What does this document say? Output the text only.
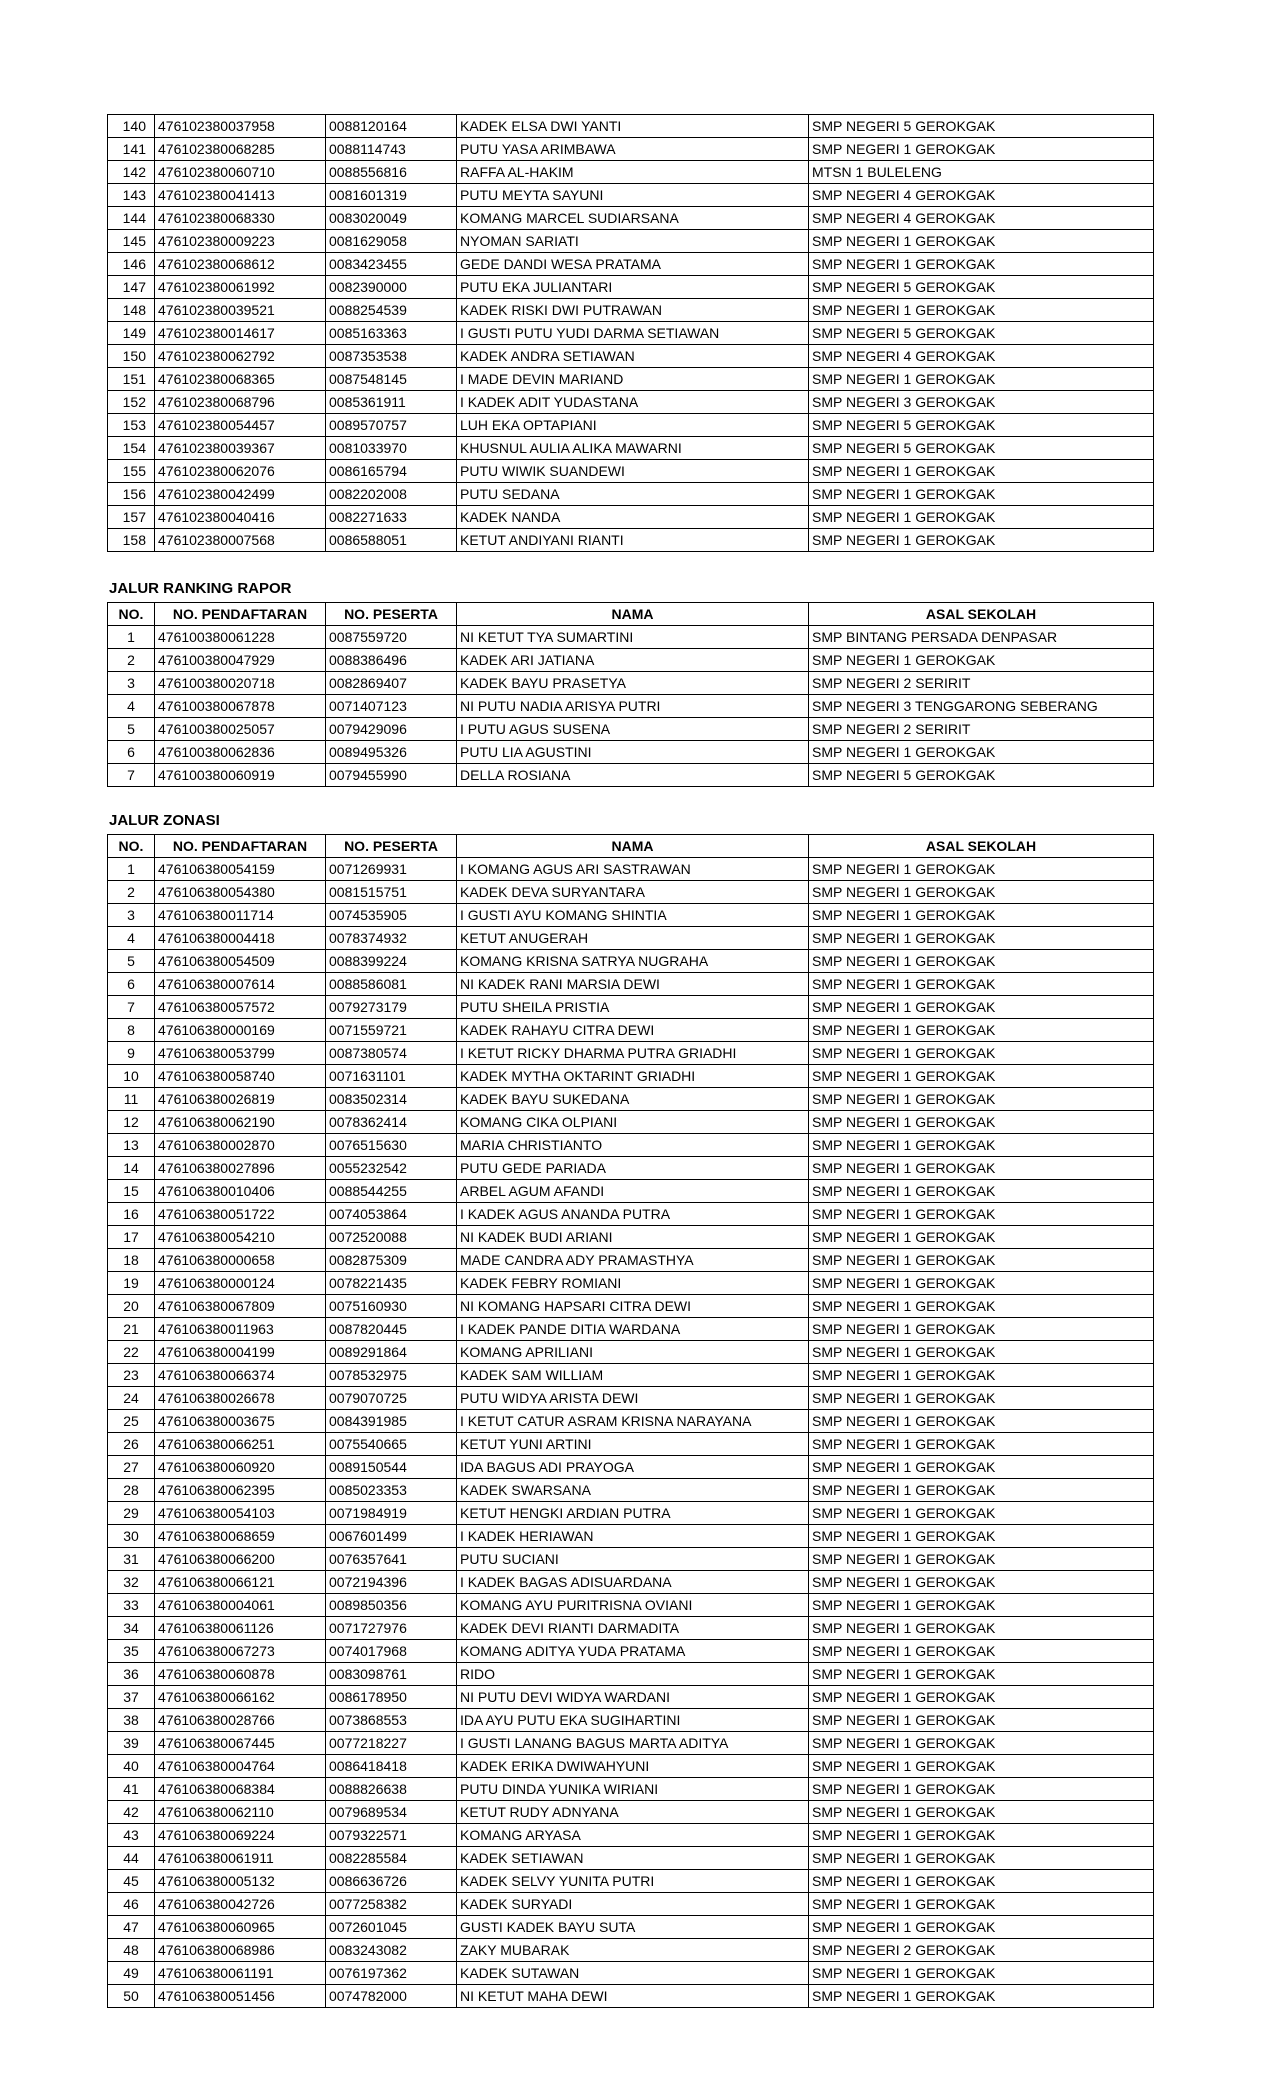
140	476102380037958	0088120164	KADEK ELSA DWI YANTI	SMP NEGERI 5 GEROKGAK
141	476102380068285	0088114743	PUTU YASA ARIMBAWA	SMP NEGERI 1 GEROKGAK
142	476102380060710	0088556816	RAFFA AL-HAKIM	MTSN 1 BULELENG
143	476102380041413	0081601319	PUTU MEYTA SAYUNI	SMP NEGERI 4 GEROKGAK
144	476102380068330	0083020049	KOMANG MARCEL SUDIARSANA	SMP NEGERI 4 GEROKGAK
145	476102380009223	0081629058	NYOMAN SARIATI	SMP NEGERI 1 GEROKGAK
146	476102380068612	0083423455	GEDE DANDI WESA PRATAMA	SMP NEGERI 1 GEROKGAK
147	476102380061992	0082390000	PUTU EKA JULIANTARI	SMP NEGERI 5 GEROKGAK
148	476102380039521	0088254539	KADEK RISKI DWI PUTRAWAN	SMP NEGERI 1 GEROKGAK
149	476102380014617	0085163363	I GUSTI PUTU YUDI DARMA SETIAWAN	SMP NEGERI 5 GEROKGAK
150	476102380062792	0087353538	KADEK ANDRA SETIAWAN	SMP NEGERI 4 GEROKGAK
151	476102380068365	0087548145	I MADE DEVIN MARIAND	SMP NEGERI 1 GEROKGAK
152	476102380068796	0085361911	I KADEK ADIT YUDASTANA	SMP NEGERI 3 GEROKGAK
153	476102380054457	0089570757	LUH EKA OPTAPIANI	SMP NEGERI 5 GEROKGAK
154	476102380039367	0081033970	KHUSNUL AULIA ALIKA MAWARNI	SMP NEGERI 5 GEROKGAK
155	476102380062076	0086165794	PUTU WIWIK SUANDEWI	SMP NEGERI 1 GEROKGAK
156	476102380042499	0082202008	PUTU SEDANA	SMP NEGERI 1 GEROKGAK
157	476102380040416	0082271633	KADEK NANDA	SMP NEGERI 1 GEROKGAK
158	476102380007568	0086588051	KETUT ANDIYANI RIANTI	SMP NEGERI 1 GEROKGAK
JALUR RANKING RAPOR
NO.	NO. PENDAFTARAN	NO. PESERTA	NAMA	ASAL SEKOLAH
1	476100380061228	0087559720	NI KETUT TYA SUMARTINI	SMP BINTANG PERSADA DENPASAR
2	476100380047929	0088386496	KADEK ARI JATIANA	SMP NEGERI 1 GEROKGAK
3	476100380020718	0082869407	KADEK BAYU PRASETYA	SMP NEGERI 2 SERIRIT
4	476100380067878	0071407123	NI PUTU NADIA ARISYA PUTRI	SMP NEGERI 3 TENGGARONG SEBERANG
5	476100380025057	0079429096	I PUTU AGUS SUSENA	SMP NEGERI 2 SERIRIT
6	476100380062836	0089495326	PUTU LIA AGUSTINI	SMP NEGERI 1 GEROKGAK
7	476100380060919	0079455990	DELLA ROSIANA	SMP NEGERI 5 GEROKGAK
JALUR ZONASI
NO.	NO. PENDAFTARAN	NO. PESERTA	NAMA	ASAL SEKOLAH
1	476106380054159	0071269931	I KOMANG AGUS ARI SASTRAWAN	SMP NEGERI 1 GEROKGAK
2	476106380054380	0081515751	KADEK DEVA SURYANTARA	SMP NEGERI 1 GEROKGAK
3	476106380011714	0074535905	I GUSTI AYU KOMANG SHINTIA	SMP NEGERI 1 GEROKGAK
4	476106380004418	0078374932	KETUT ANUGERAH	SMP NEGERI 1 GEROKGAK
5	476106380054509	0088399224	KOMANG KRISNA SATRYA NUGRAHA	SMP NEGERI 1 GEROKGAK
6	476106380007614	0088586081	NI KADEK RANI MARSIA DEWI	SMP NEGERI 1 GEROKGAK
7	476106380057572	0079273179	PUTU SHEILA PRISTIA	SMP NEGERI 1 GEROKGAK
8	476106380000169	0071559721	KADEK RAHAYU CITRA DEWI	SMP NEGERI 1 GEROKGAK
9	476106380053799	0087380574	I KETUT RICKY DHARMA PUTRA GRIADHI	SMP NEGERI 1 GEROKGAK
10	476106380058740	0071631101	KADEK MYTHA OKTARINT GRIADHI	SMP NEGERI 1 GEROKGAK
11	476106380026819	0083502314	KADEK BAYU SUKEDANA	SMP NEGERI 1 GEROKGAK
12	476106380062190	0078362414	KOMANG CIKA OLPIANI	SMP NEGERI 1 GEROKGAK
13	476106380002870	0076515630	MARIA CHRISTIANTO	SMP NEGERI 1 GEROKGAK
14	476106380027896	0055232542	PUTU GEDE PARIADA	SMP NEGERI 1 GEROKGAK
15	476106380010406	0088544255	ARBEL AGUM AFANDI	SMP NEGERI 1 GEROKGAK
16	476106380051722	0074053864	I KADEK AGUS ANANDA PUTRA	SMP NEGERI 1 GEROKGAK
17	476106380054210	0072520088	NI KADEK BUDI ARIANI	SMP NEGERI 1 GEROKGAK
18	476106380000658	0082875309	MADE CANDRA ADY PRAMASTHYA	SMP NEGERI 1 GEROKGAK
19	476106380000124	0078221435	KADEK FEBRY ROMIANI	SMP NEGERI 1 GEROKGAK
20	476106380067809	0075160930	NI KOMANG HAPSARI CITRA DEWI	SMP NEGERI 1 GEROKGAK
21	476106380011963	0087820445	I KADEK PANDE DITIA WARDANA	SMP NEGERI 1 GEROKGAK
22	476106380004199	0089291864	KOMANG APRILIANI	SMP NEGERI 1 GEROKGAK
23	476106380066374	0078532975	KADEK SAM WILLIAM	SMP NEGERI 1 GEROKGAK
24	476106380026678	0079070725	PUTU WIDYA ARISTA DEWI	SMP NEGERI 1 GEROKGAK
25	476106380003675	0084391985	I KETUT CATUR ASRAM KRISNA NARAYANA	SMP NEGERI 1 GEROKGAK
26	476106380066251	0075540665	KETUT YUNI ARTINI	SMP NEGERI 1 GEROKGAK
27	476106380060920	0089150544	IDA BAGUS ADI PRAYOGA	SMP NEGERI 1 GEROKGAK
28	476106380062395	0085023353	KADEK SWARSANA	SMP NEGERI 1 GEROKGAK
29	476106380054103	0071984919	KETUT HENGKI ARDIAN PUTRA	SMP NEGERI 1 GEROKGAK
30	476106380068659	0067601499	I KADEK HERIAWAN	SMP NEGERI 1 GEROKGAK
31	476106380066200	0076357641	PUTU SUCIANI	SMP NEGERI 1 GEROKGAK
32	476106380066121	0072194396	I KADEK BAGAS ADISUARDANA	SMP NEGERI 1 GEROKGAK
33	476106380004061	0089850356	KOMANG AYU PURITRISNA OVIANI	SMP NEGERI 1 GEROKGAK
34	476106380061126	0071727976	KADEK DEVI RIANTI DARMADITA	SMP NEGERI 1 GEROKGAK
35	476106380067273	0074017968	KOMANG ADITYA YUDA PRATAMA	SMP NEGERI 1 GEROKGAK
36	476106380060878	0083098761	RIDO	SMP NEGERI 1 GEROKGAK
37	476106380066162	0086178950	NI PUTU DEVI WIDYA WARDANI	SMP NEGERI 1 GEROKGAK
38	476106380028766	0073868553	IDA AYU PUTU EKA SUGIHARTINI	SMP NEGERI 1 GEROKGAK
39	476106380067445	0077218227	I GUSTI LANANG BAGUS MARTA ADITYA	SMP NEGERI 1 GEROKGAK
40	476106380004764	0086418418	KADEK ERIKA DWIWAHYUNI	SMP NEGERI 1 GEROKGAK
41	476106380068384	0088826638	PUTU DINDA YUNIKA WIRIANI	SMP NEGERI 1 GEROKGAK
42	476106380062110	0079689534	KETUT RUDY ADNYANA	SMP NEGERI 1 GEROKGAK
43	476106380069224	0079322571	KOMANG ARYASA	SMP NEGERI 1 GEROKGAK
44	476106380061911	0082285584	KADEK SETIAWAN	SMP NEGERI 1 GEROKGAK
45	476106380005132	0086636726	KADEK SELVY YUNITA PUTRI	SMP NEGERI 1 GEROKGAK
46	476106380042726	0077258382	KADEK SURYADI	SMP NEGERI 1 GEROKGAK
47	476106380060965	0072601045	GUSTI KADEK BAYU SUTA	SMP NEGERI 1 GEROKGAK
48	476106380068986	0083243082	ZAKY MUBARAK	SMP NEGERI 2 GEROKGAK
49	476106380061191	0076197362	KADEK SUTAWAN	SMP NEGERI 1 GEROKGAK
50	476106380051456	0074782000	NI KETUT MAHA DEWI	SMP NEGERI 1 GEROKGAK
